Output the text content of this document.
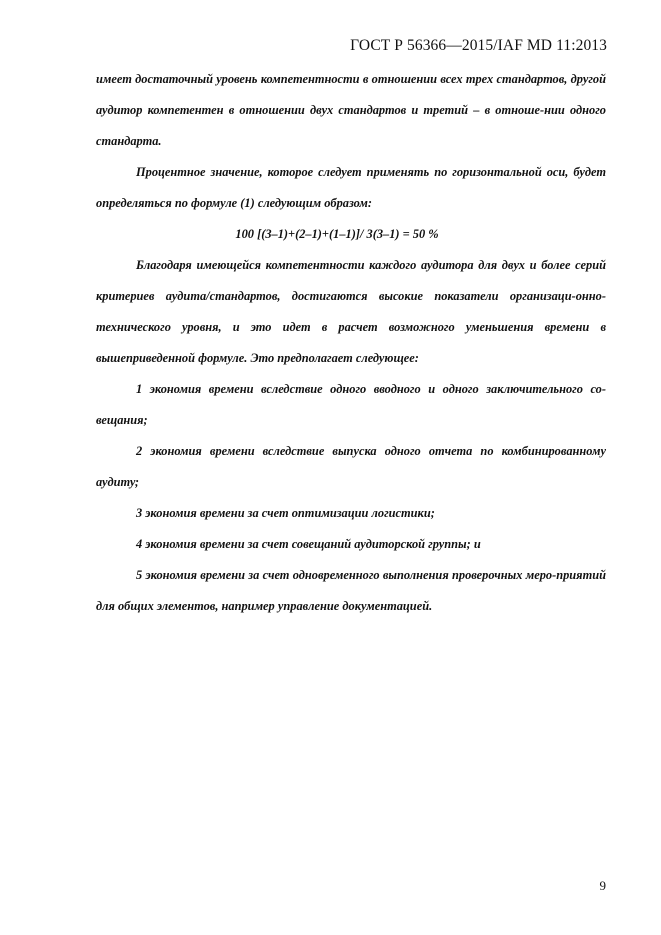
ГОСТ Р 56366—2015/IAF MD 11:2013

имеет достаточный уровень компетентности в отношении всех трех стандартов, другой аудитор компетентен в отношении двух стандартов и третий – в отноше-нии одного стандарта.

Процентное значение, которое следует применять по горизонтальной оси, будет определяться по формуле (1) следующим образом:

100 [(3–1)+(2–1)+(1–1)]/ 3(3–1) = 50 %

Благодаря имеющейся компетентности каждого аудитора для двух и более серий критериев аудита/стандартов, достигаются высокие показатели организаци-онно-технического уровня, и это идет в расчет возможного уменьшения времени в вышеприведенной формуле. Это предполагает следующее:

1 экономия времени вследствие одного вводного и одного заключительного со-вещания;

2 экономия времени вследствие выпуска одного отчета по комбинированному аудиту;

3 экономия времени за счет оптимизации логистики;

4 экономия времени за счет совещаний аудиторской группы; и

5 экономия времени за счет одновременного выполнения проверочных меро-приятий для общих элементов, например управление документацией.

9
